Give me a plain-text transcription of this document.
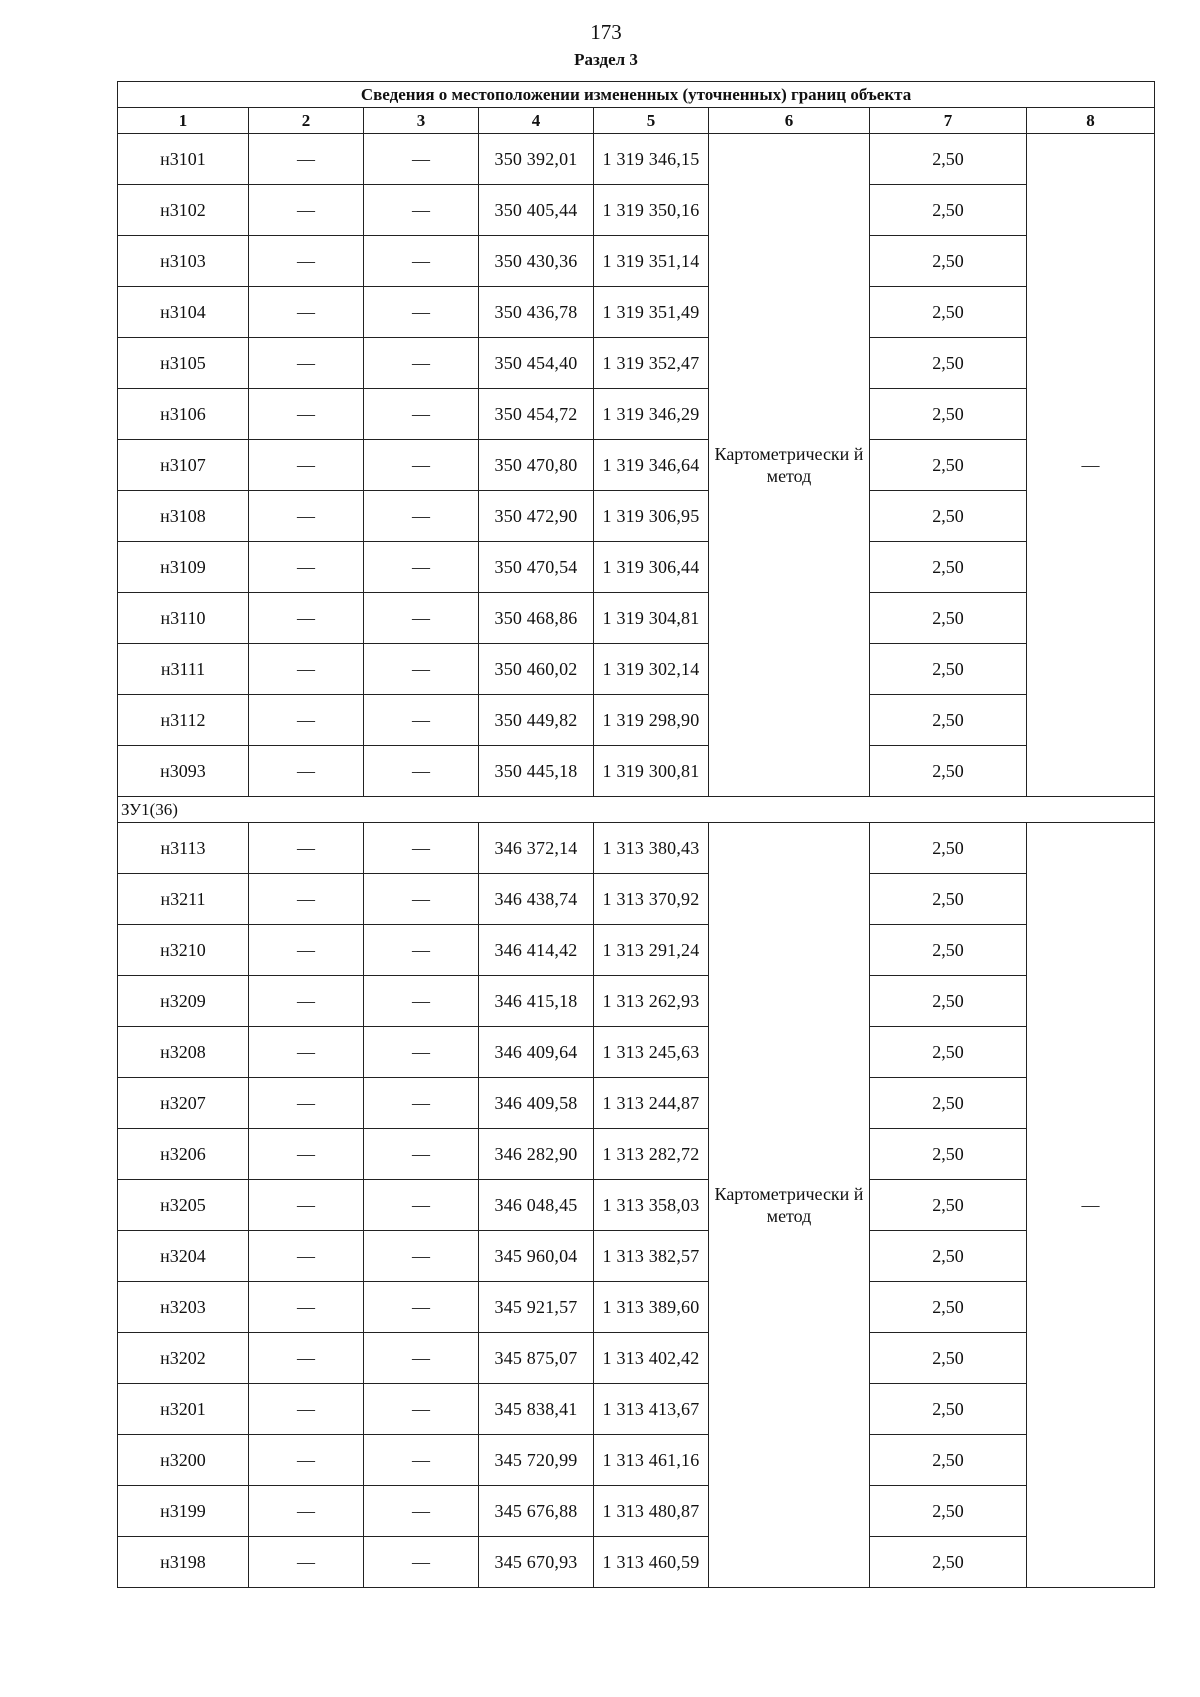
173
Раздел 3
Сведения о местоположении измененных (уточненных) границ объекта							
1	2	3	4	5	6	7	8
н3101	—	—	350 392,01	1 319 346,15	Картометрически й метод	2,50	—
н3102	—	—	350 405,44	1 319 350,16		2,50	
н3103	—	—	350 430,36	1 319 351,14		2,50	
н3104	—	—	350 436,78	1 319 351,49		2,50	
н3105	—	—	350 454,40	1 319 352,47		2,50	
н3106	—	—	350 454,72	1 319 346,29		2,50	
н3107	—	—	350 470,80	1 319 346,64		2,50	
н3108	—	—	350 472,90	1 319 306,95		2,50	
н3109	—	—	350 470,54	1 319 306,44		2,50	
н3110	—	—	350 468,86	1 319 304,81		2,50	
н3111	—	—	350 460,02	1 319 302,14		2,50	
н3112	—	—	350 449,82	1 319 298,90		2,50	
н3093	—	—	350 445,18	1 319 300,81		2,50	
ЗУ1(36)							
н3113	—	—	346 372,14	1 313 380,43	Картометрически й метод	2,50	—
н3211	—	—	346 438,74	1 313 370,92		2,50	
н3210	—	—	346 414,42	1 313 291,24		2,50	
н3209	—	—	346 415,18	1 313 262,93		2,50	
н3208	—	—	346 409,64	1 313 245,63		2,50	
н3207	—	—	346 409,58	1 313 244,87		2,50	
н3206	—	—	346 282,90	1 313 282,72		2,50	
н3205	—	—	346 048,45	1 313 358,03		2,50	
н3204	—	—	345 960,04	1 313 382,57		2,50	
н3203	—	—	345 921,57	1 313 389,60		2,50	
н3202	—	—	345 875,07	1 313 402,42		2,50	
н3201	—	—	345 838,41	1 313 413,67		2,50	
н3200	—	—	345 720,99	1 313 461,16		2,50	
н3199	—	—	345 676,88	1 313 480,87		2,50	
н3198	—	—	345 670,93	1 313 460,59		2,50	
